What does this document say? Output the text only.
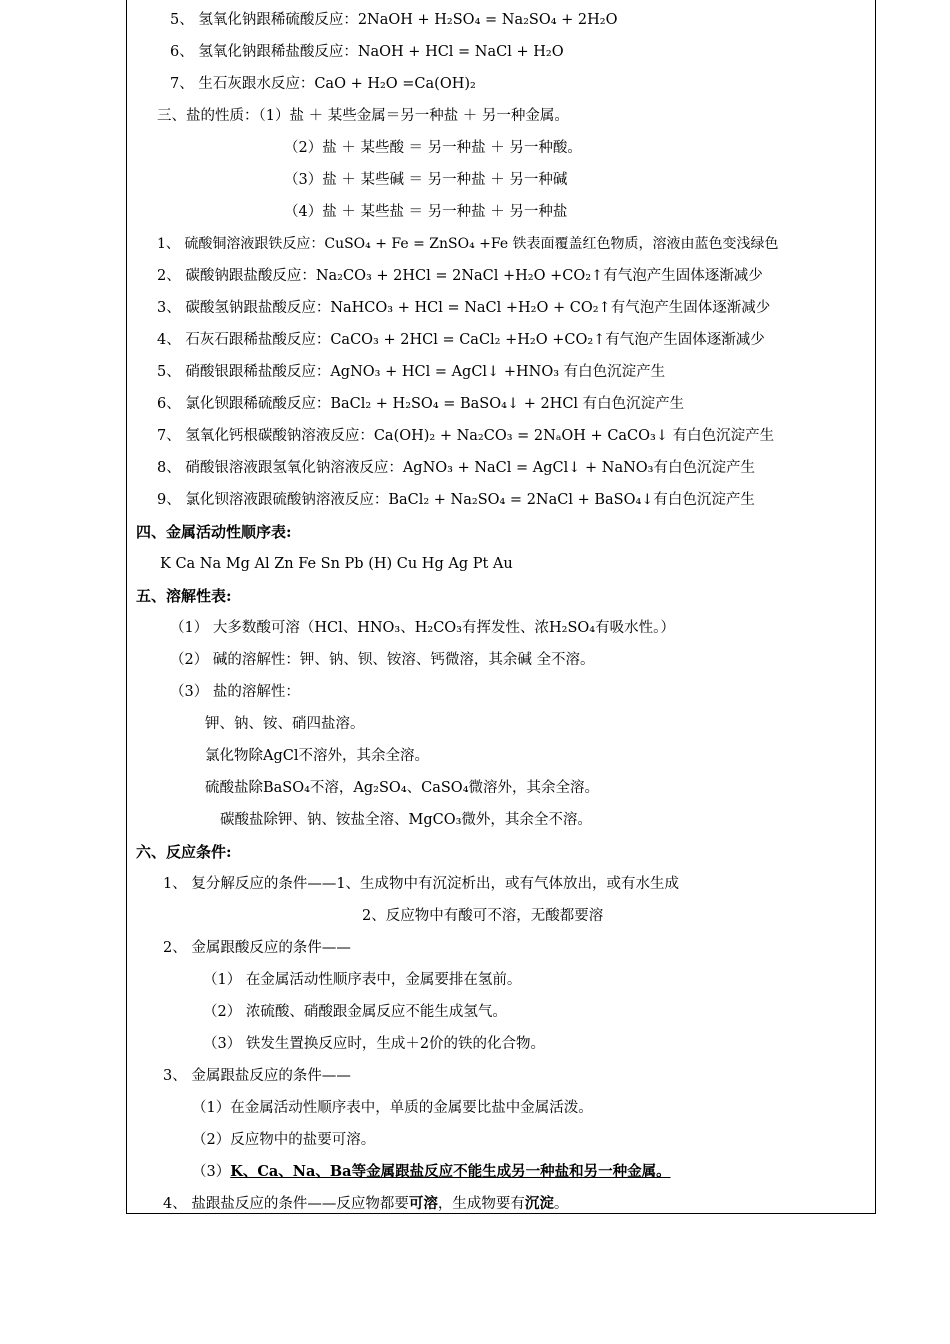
5、 氢氧化钠跟稀硫酸反应：2NaOH + H₂SO₄ = Na₂SO₄ + 2H₂O
6、 氢氧化钠跟稀盐酸反应：NaOH + HCl = NaCl + H₂O
7、 生石灰跟水反应：CaO + H₂O =Ca(OH)₂
三、盐的性质：（1）盐 ＋ 某些金属＝另一种盐 ＋ 另一种金属。
（2）盐 ＋ 某些酸 ＝ 另一种盐 ＋ 另一种酸。
（3）盐 ＋ 某些碱 ＝ 另一种盐 ＋ 另一种碱
（4）盐 ＋ 某些盐 ＝ 另一种盐 ＋ 另一种盐
1、 硫酸铜溶液跟铁反应：CuSO₄ + Fe = ZnSO₄ +Fe 铁表面覆盖红色物质，溶液由蓝色变浅绿色
2、 碳酸钠跟盐酸反应：Na₂CO₃ + 2HCl = 2NaCl +H₂O +CO₂↑有气泡产生固体逐渐减少
3、 碳酸氢钠跟盐酸反应：NaHCO₃ + HCl = NaCl +H₂O + CO₂↑有气泡产生固体逐渐减少
4、 石灰石跟稀盐酸反应：CaCO₃ + 2HCl = CaCl₂ +H₂O +CO₂↑有气泡产生固体逐渐减少
5、 硝酸银跟稀盐酸反应：AgNO₃ + HCl = AgCl↓ +HNO₃ 有白色沉淀产生
6、 氯化钡跟稀硫酸反应：BaCl₂ + H₂SO₄ = BaSO₄↓ + 2HCl 有白色沉淀产生
7、 氢氧化钙根碳酸钠溶液反应：Ca(OH)₂ + Na₂CO₃ = 2NₐOH + CaCO₃↓ 有白色沉淀产生
8、 硝酸银溶液跟氢氧化钠溶液反应：AgNO₃ + NaCl = AgCl↓ + NaNO₃有白色沉淀产生
9、 氯化钡溶液跟硫酸钠溶液反应：BaCl₂ + Na₂SO₄ = 2NaCl + BaSO₄↓有白色沉淀产生
四、金属活动性顺序表:
K Ca Na Mg Al Zn Fe Sn Pb (H) Cu Hg Ag Pt Au
五、溶解性表:
（1） 大多数酸可溶（HCl、HNO₃、H₂CO₃有挥发性、浓H₂SO₄有吸水性。）
（2） 碱的溶解性：钾、钠、钡、铵溶、钙微溶，其余碱 全不溶。
（3） 盐的溶解性：
钾、钠、铵、硝四盐溶。
氯化物除AgCl不溶外，其余全溶。
硫酸盐除BaSO₄不溶，Ag₂SO₄、CaSO₄微溶外，其余全溶。
碳酸盐除钾、钠、铵盐全溶、MgCO₃微外，其余全不溶。
六、反应条件:
1、 复分解反应的条件——1、生成物中有沉淀析出，或有气体放出，或有水生成
2、反应物中有酸可不溶，无酸都要溶
2、 金属跟酸反应的条件——
（1） 在金属活动性顺序表中，金属要排在氢前。
（2） 浓硫酸、硝酸跟金属反应不能生成氢气。
（3） 铁发生置换反应时，生成＋2价的铁的化合物。
3、 金属跟盐反应的条件——
（1）在金属活动性顺序表中，单质的金属要比盐中金属活泼。
（2）反应物中的盐要可溶。
（3）K、Ca、Na、Ba等金属跟盐反应不能生成另一种盐和另一种金属。
4、 盐跟盐反应的条件——反应物都要可溶，生成物要有沉淀。
